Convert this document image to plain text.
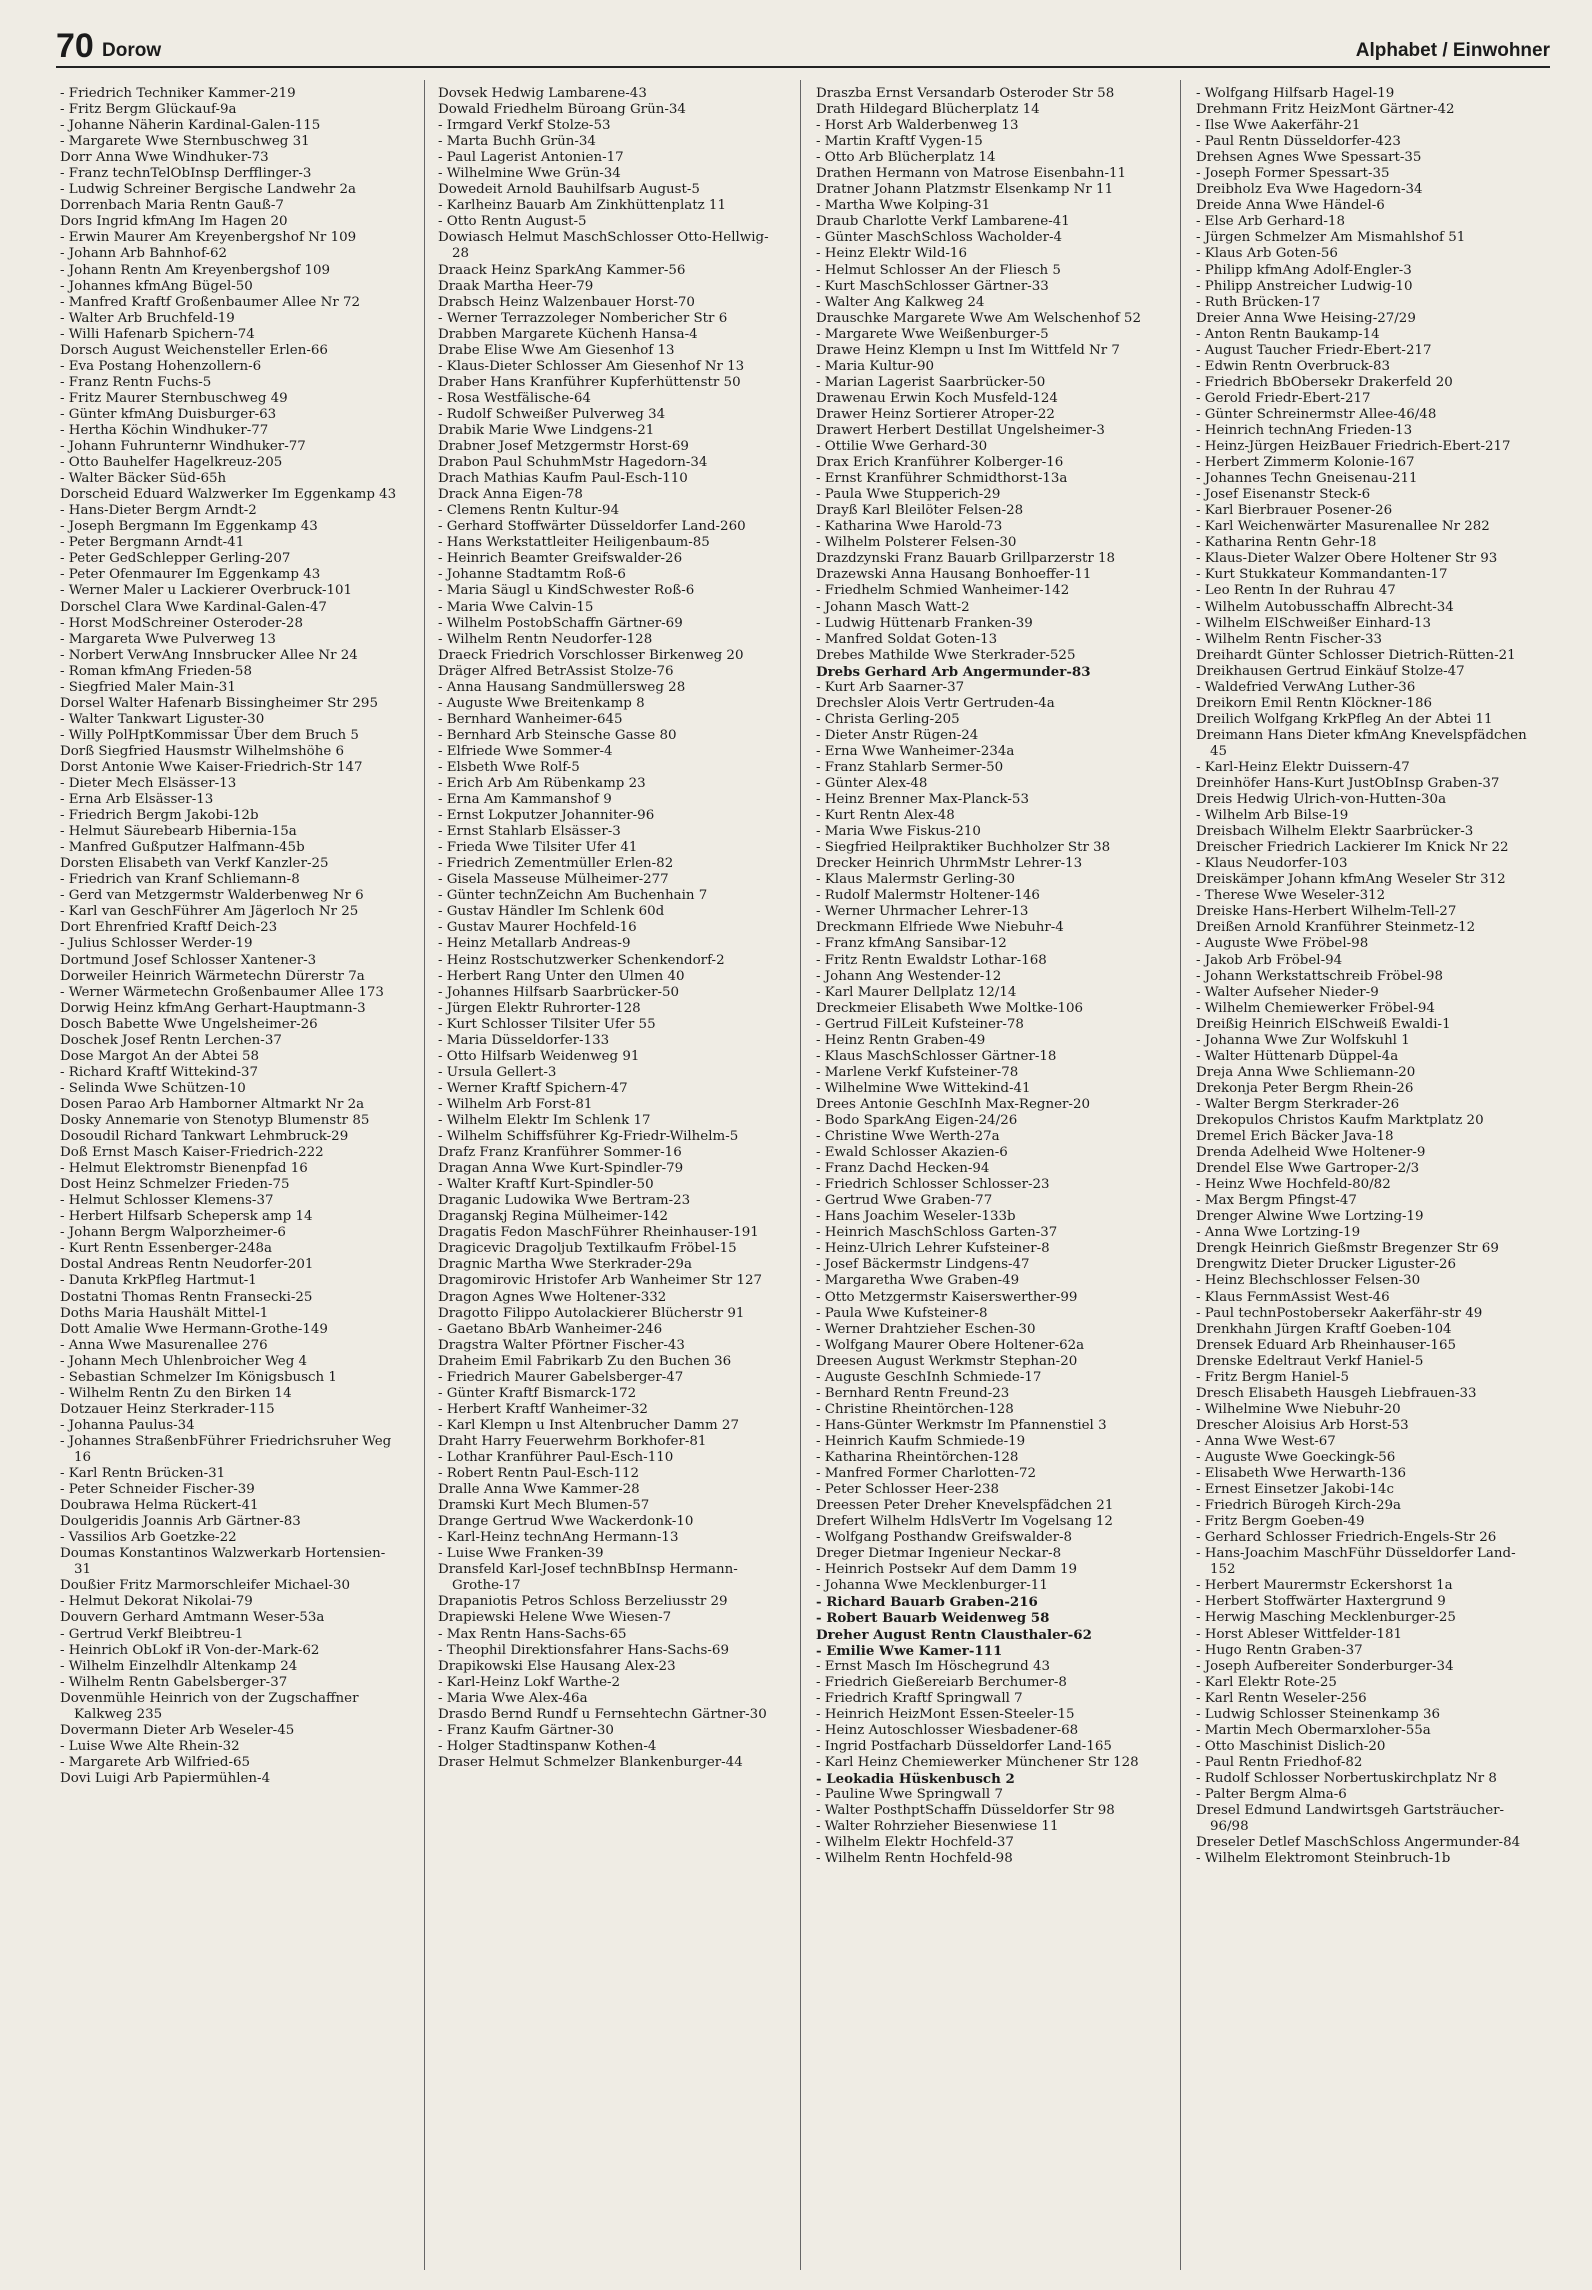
70 Dorow	Alphabet / Einwohner

- Friedrich Techniker Kammer-219

- Fritz Bergm Glückauf-9a

- Johanne Näherin Kardinal-Galen-115

- Margarete Wwe Sternbuschweg 31

Dorr Anna Wwe Windhuker-73

- Franz technTelObInsp Derfflinger-3

- Ludwig Schreiner Bergische Landwehr 2a

Dorrenbach Maria Rentn Gauß-7

Dors Ingrid kfmAng Im Hagen 20

- Erwin Maurer Am Kreyenbergshof Nr 109

- Johann Arb Bahnhof-62

- Johann Rentn Am Kreyenbergshof 109

- Johannes kfmAng Bügel-50

- Manfred Kraftf Großenbaumer Allee Nr 72

- Walter Arb Bruchfeld-19

- Willi Hafenarb Spichern-74

Dorsch August Weichensteller Erlen-66

- Eva Postang Hohenzollern-6

- Franz Rentn Fuchs-5

- Fritz Maurer Sternbuschweg 49

- Günter kfmAng Duisburger-63

- Hertha Köchin Windhuker-77

- Johann Fuhrunternr Windhuker-77

- Otto Bauhelfer Hagelkreuz-205

- Walter Bäcker Süd-65h

Dorscheid Eduard Walzwerker Im Eggenkamp 43

- Hans-Dieter Bergm Arndt-2

- Joseph Bergmann Im Eggenkamp 43

- Peter Bergmann Arndt-41

- Peter GedSchlepper Gerling-207

- Peter Ofenmaurer Im Eggenkamp 43

- Werner Maler u Lackierer Overbruck-101

Dorschel Clara Wwe Kardinal-Galen-47

- Horst ModSchreiner Osteroder-28

- Margareta Wwe Pulverweg 13

- Norbert VerwAng Innsbrucker Allee Nr 24

- Roman kfmAng Frieden-58

- Siegfried Maler Main-31

Dorsel Walter Hafenarb Bissingheimer Str 295

- Walter Tankwart Liguster-30

- Willy PolHptKommissar Über dem Bruch 5

Dorß Siegfried Hausmstr Wilhelmshöhe 6

Dorst Antonie Wwe Kaiser-Friedrich-Str 147

- Dieter Mech Elsässer-13

- Erna Arb Elsässer-13

- Friedrich Bergm Jakobi-12b

- Helmut Säurebearb Hibernia-15a

- Manfred Gußputzer Halfmann-45b

Dorsten Elisabeth van Verkf Kanzler-25

- Friedrich van Kranf Schliemann-8

- Gerd van Metzgermstr Walderbenweg Nr 6

- Karl van GeschFührer Am Jägerloch Nr 25

Dort Ehrenfried Kraftf Deich-23

- Julius Schlosser Werder-19

Dortmund Josef Schlosser Xantener-3

Dorweiler Heinrich Wärmetechn Dürerstr 7a

- Werner Wärmetechn Großenbaumer Allee 173

Dorwig Heinz kfmAng Gerhart-Hauptmann-3

Dosch Babette Wwe Ungelsheimer-26

Doschek Josef Rentn Lerchen-37

Dose Margot An der Abtei 58

- Richard Kraftf Wittekind-37

- Selinda Wwe Schützen-10

Dosen Parao Arb Hamborner Altmarkt Nr 2a

Dosky Annemarie von Stenotyp Blumenstr 85

Dosoudil Richard Tankwart Lehmbruck-29

Doß Ernst Masch Kaiser-Friedrich-222

- Helmut Elektromstr Bienenpfad 16

Dost Heinz Schmelzer Frieden-75

- Helmut Schlosser Klemens-37

- Herbert Hilfsarb Schepersk amp 14

- Johann Bergm Walporzheimer-6

- Kurt Rentn Essenberger-248a

Dostal Andreas Rentn Neudorfer-201

- Danuta KrkPfleg Hartmut-1

Dostatni Thomas Rentn Fransecki-25

Doths Maria Haushält Mittel-1

Dott Amalie Wwe Hermann-Grothe-149

- Anna Wwe Masurenallee 276

- Johann Mech Uhlenbroicher Weg 4

- Sebastian Schmelzer Im Königsbusch 1

- Wilhelm Rentn Zu den Birken 14

Dotzauer Heinz Sterkrader-115

- Johanna Paulus-34

- Johannes StraßenbFührer Friedrichsruher Weg 16

- Karl Rentn Brücken-31

- Peter Schneider Fischer-39

Doubrawa Helma Rückert-41

Doulgeridis Joannis Arb Gärtner-83

- Vassilios Arb Goetzke-22

Doumas Konstantinos Walzwerkarb Hortensien-31

Doußier Fritz Marmorschleifer Michael-30

- Helmut Dekorat Nikolai-79

Douvern Gerhard Amtmann Weser-53a

- Gertrud Verkf Bleibtreu-1

- Heinrich ObLokf iR Von-der-Mark-62

- Wilhelm Einzelhdlr Altenkamp 24

- Wilhelm Rentn Gabelsberger-37

Dovenmühle Heinrich von der Zugschaffner Kalkweg 235

Dovermann Dieter Arb Weseler-45

- Luise Wwe Alte Rhein-32

- Margarete Arb Wilfried-65

Dovi Luigi Arb Papiermühlen-4

Dovsek Hedwig Lambarene-43

Dowald Friedhelm Büroang Grün-34

- Irmgard Verkf Stolze-53

- Marta Buchh Grün-34

- Paul Lagerist Antonien-17

- Wilhelmine Wwe Grün-34

Dowedeit Arnold Bauhilfsarb August-5

- Karlheinz Bauarb Am Zinkhüttenplatz 11

- Otto Rentn August-5

Dowiasch Helmut MaschSchlosser Otto-Hellwig-28

Draack Heinz SparkAng Kammer-56

Draak Martha Heer-79

Drabsch Heinz Walzenbauer Horst-70

- Werner Terrazzoleger Nombericher Str 6

Drabben Margarete Küchenh Hansa-4

Drabe Elise Wwe Am Giesenhof 13

- Klaus-Dieter Schlosser Am Giesenhof Nr 13

Draber Hans Kranführer Kupferhüttenstr 50

- Rosa Westfälische-64

- Rudolf Schweißer Pulverweg 34

Drabik Marie Wwe Lindgens-21

Drabner Josef Metzgermstr Horst-69

Drabon Paul SchuhmMstr Hagedorn-34

Drach Mathias Kaufm Paul-Esch-110

Drack Anna Eigen-78

- Clemens Rentn Kultur-94

- Gerhard Stoffwärter Düsseldorfer Land-260

- Hans Werkstattleiter Heiligenbaum-85

- Heinrich Beamter Greifswalder-26

- Johanne Stadtamtm Roß-6

- Maria Säugl u KindSchwester Roß-6

- Maria Wwe Calvin-15

- Wilhelm PostobSchaffn Gärtner-69

- Wilhelm Rentn Neudorfer-128

Draeck Friedrich Vorschlosser Birkenweg 20

Dräger Alfred BetrAssist Stolze-76

- Anna Hausang Sandmüllersweg 28

- Auguste Wwe Breitenkamp 8

- Bernhard Wanheimer-645

- Bernhard Arb Steinsche Gasse 80

- Elfriede Wwe Sommer-4

- Elsbeth Wwe Rolf-5

- Erich Arb Am Rübenkamp 23

- Erna Am Kammanshof 9

- Ernst Lokputzer Johanniter-96

- Ernst Stahlarb Elsässer-3

- Frieda Wwe Tilsiter Ufer 41

- Friedrich Zementmüller Erlen-82

- Gisela Masseuse Mülheimer-277

- Günter technZeichn Am Buchenhain 7

- Gustav Händler Im Schlenk 60d

- Gustav Maurer Hochfeld-16

- Heinz Metallarb Andreas-9

- Heinz Rostschutzwerker Schenkendorf-2

- Herbert Rang Unter den Ulmen 40

- Johannes Hilfsarb Saarbrücker-50

- Jürgen Elektr Ruhrorter-128

- Kurt Schlosser Tilsiter Ufer 55

- Maria Düsseldorfer-133

- Otto Hilfsarb Weidenweg 91

- Ursula Gellert-3

- Werner Kraftf Spichern-47

- Wilhelm Arb Forst-81

- Wilhelm Elektr Im Schlenk 17

- Wilhelm Schiffsführer Kg-Friedr-Wilhelm-5

Drafz Franz Kranführer Sommer-16

Dragan Anna Wwe Kurt-Spindler-79

- Walter Kraftf Kurt-Spindler-50

Draganic Ludowika Wwe Bertram-23

Draganskj Regina Mülheimer-142

Dragatis Fedon MaschFührer Rheinhauser-191

Dragicevic Dragoljub Textilkaufm Fröbel-15

Dragnic Martha Wwe Sterkrader-29a

Dragomirovic Hristofer Arb Wanheimer Str 127

Dragon Agnes Wwe Holtener-332

Dragotto Filippo Autolackierer Blücherstr 91

- Gaetano BbArb Wanheimer-246

Dragstra Walter Pförtner Fischer-43

Draheim Emil Fabrikarb Zu den Buchen 36

- Friedrich Maurer Gabelsberger-47

- Günter Kraftf Bismarck-172

- Herbert Kraftf Wanheimer-32

- Karl Klempn u Inst Altenbrucher Damm 27

Draht Harry Feuerwehrm Borkhofer-81

- Lothar Kranführer Paul-Esch-110

- Robert Rentn Paul-Esch-112

Dralle Anna Wwe Kammer-28

Dramski Kurt Mech Blumen-57

Drange Gertrud Wwe Wackerdonk-10

- Karl-Heinz technAng Hermann-13

- Luise Wwe Franken-39

Dransfeld Karl-Josef technBbInsp Hermann-Grothe-17

Drapaniotis Petros Schloss Berzeliusstr 29

Drapiewski Helene Wwe Wiesen-7

- Max Rentn Hans-Sachs-65

- Theophil Direktionsfahrer Hans-Sachs-69

Drapikowski Else Hausang Alex-23

- Karl-Heinz Lokf Warthe-2

- Maria Wwe Alex-46a

Drasdo Bernd Rundf u Fernsehtechn Gärtner-30

- Franz Kaufm Gärtner-30

- Holger Stadtinspanw Kothen-4

Draser Helmut Schmelzer Blankenburger-44

Draszba Ernst Versandarb Osteroder Str 58

Drath Hildegard Blücherplatz 14

- Horst Arb Walderbenweg 13

- Martin Kraftf Vygen-15

- Otto Arb Blücherplatz 14

Drathen Hermann von Matrose Eisenbahn-11

Dratner Johann Platzmstr Elsenkamp Nr 11

- Martha Wwe Kolping-31

Draub Charlotte Verkf Lambarene-41

- Günter MaschSchloss Wacholder-4

- Heinz Elektr Wild-16

- Helmut Schlosser An der Fliesch 5

- Kurt MaschSchlosser Gärtner-33

- Walter Ang Kalkweg 24

Drauschke Margarete Wwe Am Welschenhof 52

- Margarete Wwe Weißenburger-5

Drawe Heinz Klempn u Inst Im Wittfeld Nr 7

- Maria Kultur-90

- Marian Lagerist Saarbrücker-50

Drawenau Erwin Koch Musfeld-124

Drawer Heinz Sortierer Atroper-22

Drawert Herbert Destillat Ungelsheimer-3

- Ottilie Wwe Gerhard-30

Drax Erich Kranführer Kolberger-16

- Ernst Kranführer Schmidthorst-13a

- Paula Wwe Stupperich-29

Drayß Karl Bleilöter Felsen-28

- Katharina Wwe Harold-73

- Wilhelm Polsterer Felsen-30

Drazdzynski Franz Bauarb Grillparzerstr 18

Drazewski Anna Hausang Bonhoeffer-11

- Friedhelm Schmied Wanheimer-142

- Johann Masch Watt-2

- Ludwig Hüttenarb Franken-39

- Manfred Soldat Goten-13

Drebes Mathilde Wwe Sterkrader-525

Drebs Gerhard Arb Angermunder-83

- Kurt Arb Saarner-37

Drechsler Alois Vertr Gertruden-4a

- Christa Gerling-205

- Dieter Anstr Rügen-24

- Erna Wwe Wanheimer-234a

- Franz Stahlarb Sermer-50

- Günter Alex-48

- Heinz Brenner Max-Planck-53

- Kurt Rentn Alex-48

- Maria Wwe Fiskus-210

- Siegfried Heilpraktiker Buchholzer Str 38

Drecker Heinrich UhrmMstr Lehrer-13

- Klaus Malermstr Gerling-30

- Rudolf Malermstr Holtener-146

- Werner Uhrmacher Lehrer-13

Dreckmann Elfriede Wwe Niebuhr-4

- Franz kfmAng Sansibar-12

- Fritz Rentn Ewaldstr Lothar-168

- Johann Ang Westender-12

- Karl Maurer Dellplatz 12/14

Dreckmeier Elisabeth Wwe Moltke-106

- Gertrud FilLeit Kufsteiner-78

- Heinz Rentn Graben-49

- Klaus MaschSchlosser Gärtner-18

- Marlene Verkf Kufsteiner-78

- Wilhelmine Wwe Wittekind-41

Drees Antonie GeschInh Max-Regner-20

- Bodo SparkAng Eigen-24/26

- Christine Wwe Werth-27a

- Ewald Schlosser Akazien-6

- Franz Dachd Hecken-94

- Friedrich Schlosser Schlosser-23

- Gertrud Wwe Graben-77

- Hans Joachim Weseler-133b

- Heinrich MaschSchloss Garten-37

- Heinz-Ulrich Lehrer Kufsteiner-8

- Josef Bäckermstr Lindgens-47

- Margaretha Wwe Graben-49

- Otto Metzgermstr Kaiserswerther-99

- Paula Wwe Kufsteiner-8

- Werner Drahtzieher Eschen-30

- Wolfgang Maurer Obere Holtener-62a

Dreesen August Werkmstr Stephan-20

- Auguste GeschInh Schmiede-17

- Bernhard Rentn Freund-23

- Christine Rheintörchen-128

- Hans-Günter Werkmstr Im Pfannenstiel 3

- Heinrich Kaufm Schmiede-19

- Katharina Rheintörchen-128

- Manfred Former Charlotten-72

- Peter Schlosser Heer-238

Dreessen Peter Dreher Knevelspfädchen 21

Drefert Wilhelm HdlsVertr Im Vogelsang 12

- Wolfgang Posthandw Greifswalder-8

Dreger Dietmar Ingenieur Neckar-8

- Heinrich Postsekr Auf dem Damm 19

- Johanna Wwe Mecklenburger-11

- Richard Bauarb Graben-216

- Robert Bauarb Weidenweg 58

Dreher August Rentn Clausthaler-62

- Emilie Wwe Kamer-111

- Ernst Masch Im Höschegrund 43

- Friedrich Gießereiarb Berchumer-8

- Friedrich Kraftf Springwall 7

- Heinrich HeizMont Essen-Steeler-15

- Heinz Autoschlosser Wiesbadener-68

- Ingrid Postfacharb Düsseldorfer Land-165

- Karl Heinz Chemiewerker Münchener Str 128

- Leokadia Hüskenbusch 2

- Pauline Wwe Springwall 7

- Walter PosthptSchaffn Düsseldorfer Str 98

- Walter Rohrzieher Biesenwiese 11

- Wilhelm Elektr Hochfeld-37

- Wilhelm Rentn Hochfeld-98

- Wolfgang Hilfsarb Hagel-19

Drehmann Fritz HeizMont Gärtner-42

- Ilse Wwe Aakerfähr-21

- Paul Rentn Düsseldorfer-423

Drehsen Agnes Wwe Spessart-35

- Joseph Former Spessart-35

Dreibholz Eva Wwe Hagedorn-34

Dreide Anna Wwe Händel-6

- Else Arb Gerhard-18

- Jürgen Schmelzer Am Mismahlshof 51

- Klaus Arb Goten-56

- Philipp kfmAng Adolf-Engler-3

- Philipp Anstreicher Ludwig-10

- Ruth Brücken-17

Dreier Anna Wwe Heising-27/29

- Anton Rentn Baukamp-14

- August Taucher Friedr-Ebert-217

- Edwin Rentn Overbruck-83

- Friedrich BbObersekr Drakerfeld 20

- Gerold Friedr-Ebert-217

- Günter Schreinermstr Allee-46/48

- Heinrich technAng Frieden-13

- Heinz-Jürgen HeizBauer Friedrich-Ebert-217

- Herbert Zimmerm Kolonie-167

- Johannes Techn Gneisenau-211

- Josef Eisenanstr Steck-6

- Karl Bierbrauer Posener-26

- Karl Weichenwärter Masurenallee Nr 282

- Katharina Rentn Gehr-18

- Klaus-Dieter Walzer Obere Holtener Str 93

- Kurt Stukkateur Kommandanten-17

- Leo Rentn In der Ruhrau 47

- Wilhelm Autobusschaffn Albrecht-34

- Wilhelm ElSchweißer Einhard-13

- Wilhelm Rentn Fischer-33

Dreihardt Günter Schlosser Dietrich-Rütten-21

Dreikhausen Gertrud Einkäuf Stolze-47

- Waldefried VerwAng Luther-36

Dreikorn Emil Rentn Klöckner-186

Dreilich Wolfgang KrkPfleg An der Abtei 11

Dreimann Hans Dieter kfmAng Knevelspfädchen 45

- Karl-Heinz Elektr Duissern-47

Dreinhöfer Hans-Kurt JustObInsp Graben-37

Dreis Hedwig Ulrich-von-Hutten-30a

- Wilhelm Arb Bilse-19

Dreisbach Wilhelm Elektr Saarbrücker-3

Dreischer Friedrich Lackierer Im Knick Nr 22

- Klaus Neudorfer-103

Dreiskämper Johann kfmAng Weseler Str 312

- Therese Wwe Weseler-312

Dreiske Hans-Herbert Wilhelm-Tell-27

Dreißen Arnold Kranführer Steinmetz-12

- Auguste Wwe Fröbel-98

- Jakob Arb Fröbel-94

- Johann Werkstattschreib Fröbel-98

- Walter Aufseher Nieder-9

- Wilhelm Chemiewerker Fröbel-94

Dreißig Heinrich ElSchweiß Ewaldi-1

- Johanna Wwe Zur Wolfskuhl 1

- Walter Hüttenarb Düppel-4a

Dreja Anna Wwe Schliemann-20

Drekonja Peter Bergm Rhein-26

- Walter Bergm Sterkrader-26

Drekopulos Christos Kaufm Marktplatz 20

Dremel Erich Bäcker Java-18

Drenda Adelheid Wwe Holtener-9

Drendel Else Wwe Gartroper-2/3

- Heinz Wwe Hochfeld-80/82

- Max Bergm Pfingst-47

Drenger Alwine Wwe Lortzing-19

- Anna Wwe Lortzing-19

Drengk Heinrich Gießmstr Bregenzer Str 69

Drengwitz Dieter Drucker Liguster-26

- Heinz Blechschlosser Felsen-30

- Klaus FernmAssist West-46

- Paul technPostobersekr Aakerfähr-str 49

Drenkhahn Jürgen Kraftf Goeben-104

Drensek Eduard Arb Rheinhauser-165

Drenske Edeltraut Verkf Haniel-5

- Fritz Bergm Haniel-5

Dresch Elisabeth Hausgeh Liebfrauen-33

- Wilhelmine Wwe Niebuhr-20

Drescher Aloisius Arb Horst-53

- Anna Wwe West-67

- Auguste Wwe Goeckingk-56

- Elisabeth Wwe Herwarth-136

- Ernest Einsetzer Jakobi-14c

- Friedrich Bürogeh Kirch-29a

- Fritz Bergm Goeben-49

- Gerhard Schlosser Friedrich-Engels-Str 26

- Hans-Joachim MaschFühr Düsseldorfer Land-152

- Herbert Maurermstr Eckershorst 1a

- Herbert Stoffwärter Haxtergrund 9

- Herwig Masching Mecklenburger-25

- Horst Ableser Wittfelder-181

- Hugo Rentn Graben-37

- Joseph Aufbereiter Sonderburger-34

- Karl Elektr Rote-25

- Karl Rentn Weseler-256

- Ludwig Schlosser Steinenkamp 36

- Martin Mech Obermarxloher-55a

- Otto Maschinist Dislich-20

- Paul Rentn Friedhof-82

- Rudolf Schlosser Norbertuskirchplatz Nr 8

- Palter Bergm Alma-6

Dresel Edmund Landwirtsgeh Gartsträucher-96/98

Dreseler Detlef MaschSchloss Angermunder-84

- Wilhelm Elektromont Steinbruch-1b
